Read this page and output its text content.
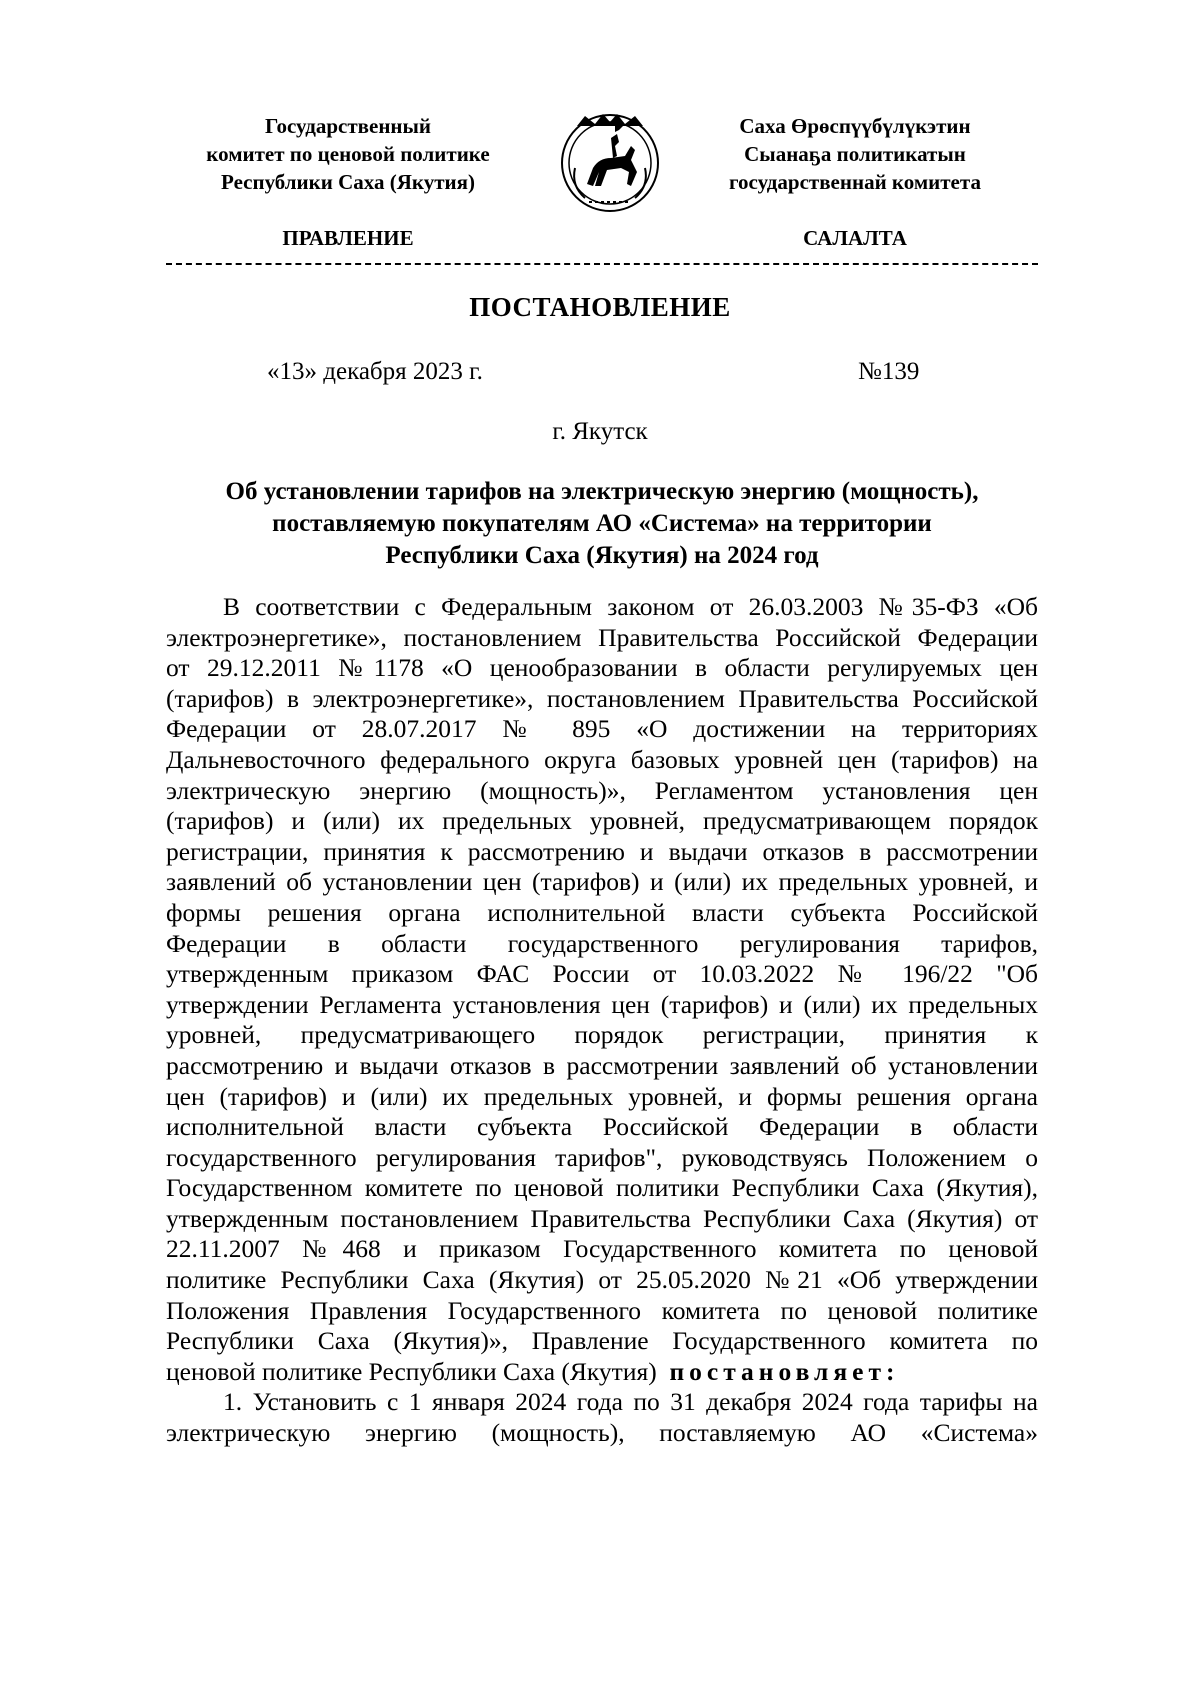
Государственный
комитет по ценовой политике
Республики Саха (Якутия)
Саха Өрөспүүбүлүкэтин
Сыанаҕа политикатын
государственнай комитета
ПРАВЛЕНИЕ	САЛАЛТА
ПОСТАНОВЛЕНИЕ
«13» декабря 2023 г.	№139
г. Якутск
Об установлении тарифов на электрическую энергию (мощность),
поставляемую покупателям АО «Система» на территории
Республики Саха (Якутия) на 2024 год
В соответствии с Федеральным законом от 26.03.2003 №35-ФЗ «Об
электроэнергетике», постановлением Правительства Российской Федерации
от 29.12.2011 №1178 «О ценообразовании в области регулируемых цен
(тарифов) в электроэнергетике», постановлением Правительства Российской
Федерации от 28.07.2017 № 895 «О достижении на территориях
Дальневосточного федерального округа базовых уровней цен (тарифов) на
электрическую энергию (мощность)», Регламентом установления цен
(тарифов) и (или) их предельных уровней, предусматривающем порядок
регистрации, принятия к рассмотрению и выдачи отказов в рассмотрении
заявлений об установлении цен (тарифов) и (или) их предельных уровней, и
формы решения органа исполнительной власти субъекта Российской
Федерации в области государственного регулирования тарифов,
утвержденным приказом ФАС России от 10.03.2022 № 196/22 "Об
утверждении Регламента установления цен (тарифов) и (или) их предельных
уровней, предусматривающего порядок регистрации, принятия к
рассмотрению и выдачи отказов в рассмотрении заявлений об установлении
цен (тарифов) и (или) их предельных уровней, и формы решения органа
исполнительной власти субъекта Российской Федерации в области
государственного регулирования тарифов", руководствуясь Положением о
Государственном комитете по ценовой политики Республики Саха (Якутия),
утвержденным постановлением Правительства Республики Саха (Якутия) от
22.11.2007 №468 и приказом Государственного комитета по ценовой
политике Республики Саха (Якутия) от 25.05.2020 №21 «Об утверждении
Положения Правления Государственного комитета по ценовой политике
Республики Саха (Якутия)», Правление Государственного комитета по
ценовой политике Республики Саха (Якутия) постановляет:
1. Установить с 1 января 2024 года по 31 декабря 2024 года тарифы на
электрическую энергию (мощность), поставляемую АО «Система»
